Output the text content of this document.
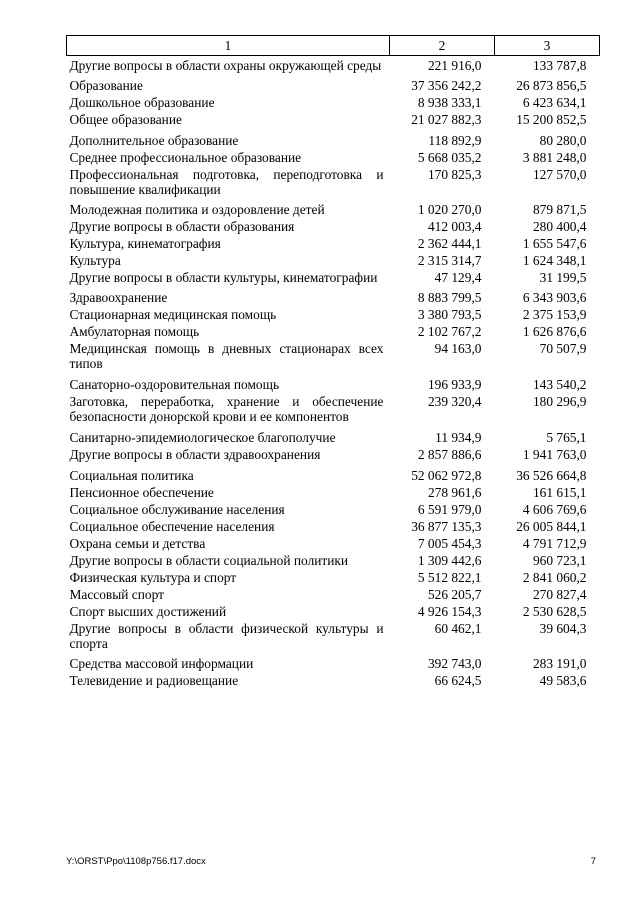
1	2	3
Другие вопросы в области охраны окружающей среды	221 916,0	133 787,8
Образование	37 356 242,2	26 873 856,5
Дошкольное образование	8 938 333,1	6 423 634,1
Общее образование	21 027 882,3	15 200 852,5
Дополнительное образование	118 892,9	80 280,0
Среднее профессиональное образование	5 668 035,2	3 881 248,0
Профессиональная подготовка, переподготовка и повышение квалификации	170 825,3	127 570,0
Молодежная политика и оздоровление детей	1 020 270,0	879 871,5
Другие вопросы в области образования	412 003,4	280 400,4
Культура, кинематография	2 362 444,1	1 655 547,6
Культура	2 315 314,7	1 624 348,1
Другие вопросы в области культуры, кинематографии	47 129,4	31 199,5
Здравоохранение	8 883 799,5	6 343 903,6
Стационарная медицинская помощь	3 380 793,5	2 375 153,9
Амбулаторная помощь	2 102 767,2	1 626 876,6
Медицинская помощь в дневных стационарах всех типов	94 163,0	70 507,9
Санаторно-оздоровительная помощь	196 933,9	143 540,2
Заготовка, переработка, хранение и обеспечение безопасности донорской крови и ее компонентов	239 320,4	180 296,9
Санитарно-эпидемиологическое благополучие	11 934,9	5 765,1
Другие вопросы в области здравоохранения	2 857 886,6	1 941 763,0
Социальная политика	52 062 972,8	36 526 664,8
Пенсионное обеспечение	278 961,6	161 615,1
Социальное обслуживание населения	6 591 979,0	4 606 769,6
Социальное обеспечение населения	36 877 135,3	26 005 844,1
Охрана семьи и детства	7 005 454,3	4 791 712,9
Другие вопросы в области социальной политики	1 309 442,6	960 723,1
Физическая культура и спорт	5 512 822,1	2 841 060,2
Массовый спорт	526 205,7	270 827,4
Спорт высших достижений	4 926 154,3	2 530 628,5
Другие вопросы в области физической культуры и спорта	60 462,1	39 604,3
Средства массовой информации	392 743,0	283 191,0
Телевидение и радиовещание	66 624,5	49 583,6
Y:\ORST\Ppo\1108p756.f17.docx	7
